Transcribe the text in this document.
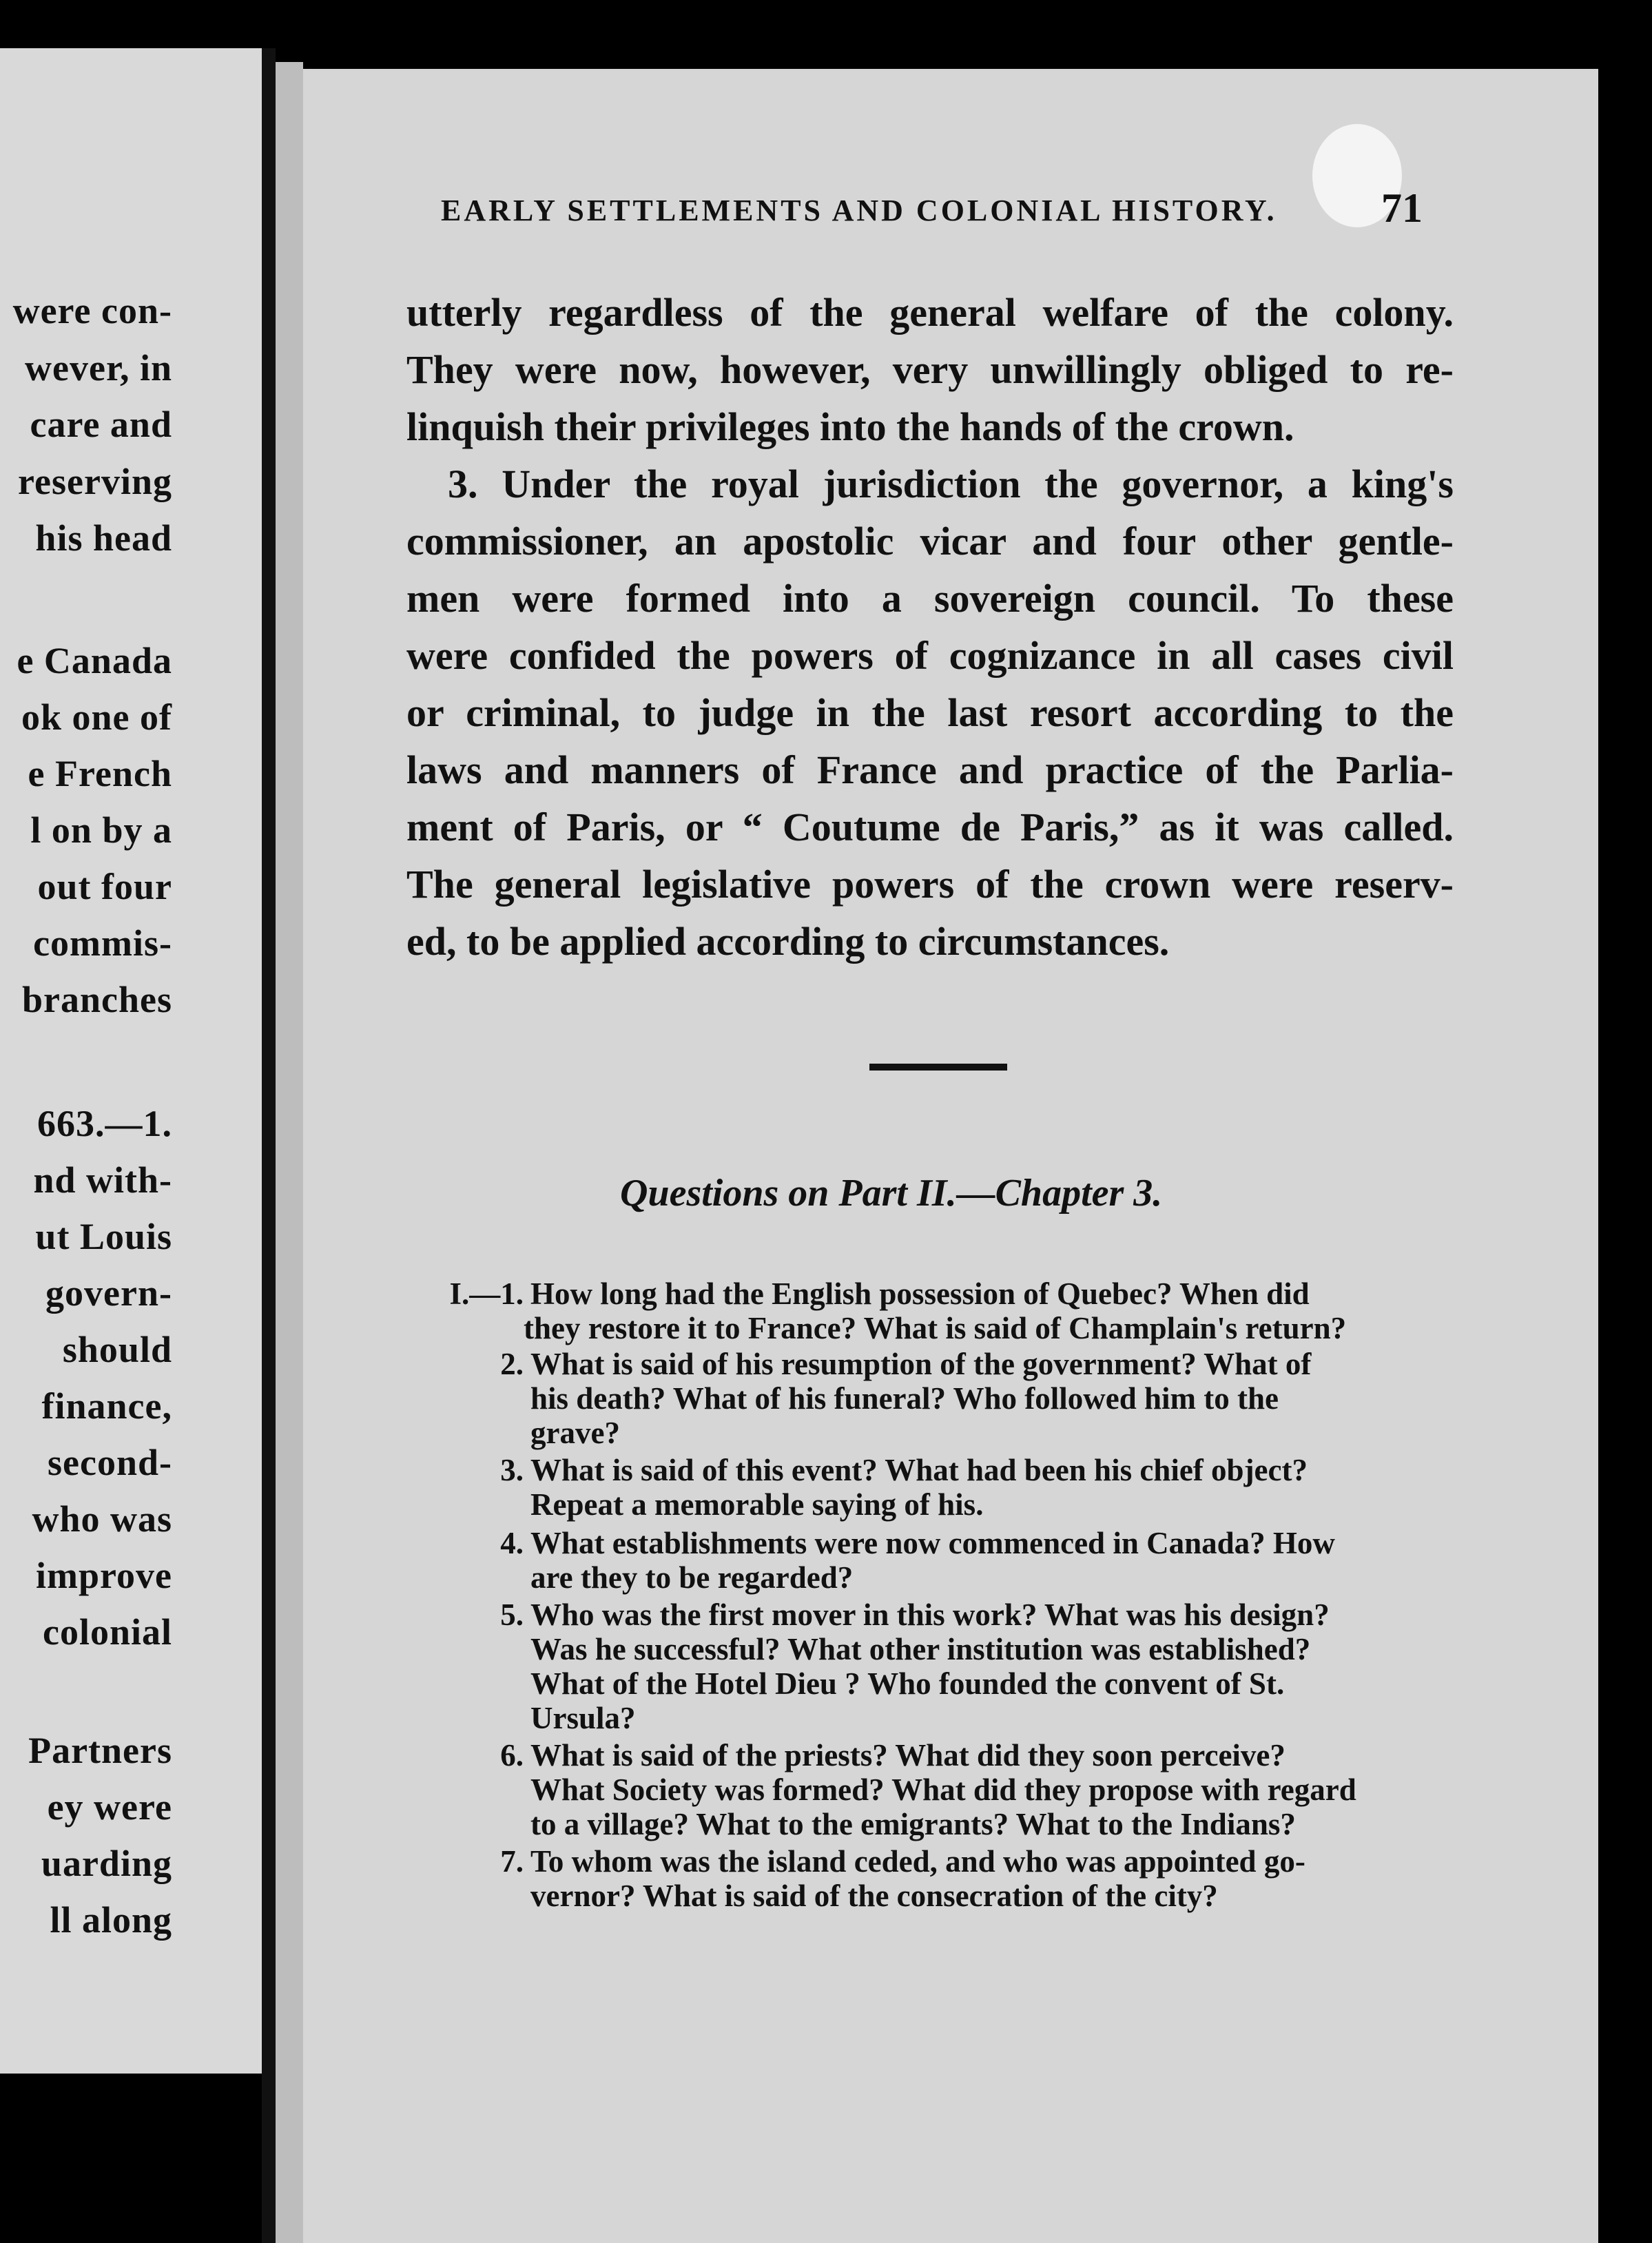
were con-
wever, in
care and
reserving
his head
e Canada
ok one of
e French
l on by a
out four
commis-
branches
663.—1.
nd with-
ut Louis
govern-
should
finance,
second-
who was
improve
colonial
Partners
ey were
uarding
ll along
EARLY SETTLEMENTS AND COLONIAL HISTORY.	71
utterly regardless of the general welfare of the colony.
They were now, however, very unwillingly obliged to re-
linquish their privileges into the hands of the crown.
3. Under the royal jurisdiction the governor, a king's
commissioner, an apostolic vicar and four other gentle-
men were formed into a sovereign council. To these
were confided the powers of cognizance in all cases civil
or criminal, to judge in the last resort according to the
laws and manners of France and practice of the Parlia-
ment of Paris, or “ Coutume de Paris,” as it was called.
The general legislative powers of the crown were reserv-
ed, to be applied according to circumstances.
Questions on Part II.—Chapter 3.
I.—1. How long had the English possession of Quebec? When did
they restore it to France? What is said of Champlain's return?
2. What is said of his resumption of the government? What of
his death? What of his funeral? Who followed him to the
grave?
3. What is said of this event? What had been his chief object?
Repeat a memorable saying of his.
4. What establishments were now commenced in Canada? How
are they to be regarded?
5. Who was the first mover in this work? What was his design?
Was he successful? What other institution was established?
What of the Hotel Dieu ? Who founded the convent of St.
Ursula?
6. What is said of the priests? What did they soon perceive?
What Society was formed? What did they propose with regard
to a village? What to the emigrants? What to the Indians?
7. To whom was the island ceded, and who was appointed go-
vernor? What is said of the consecration of the city?
